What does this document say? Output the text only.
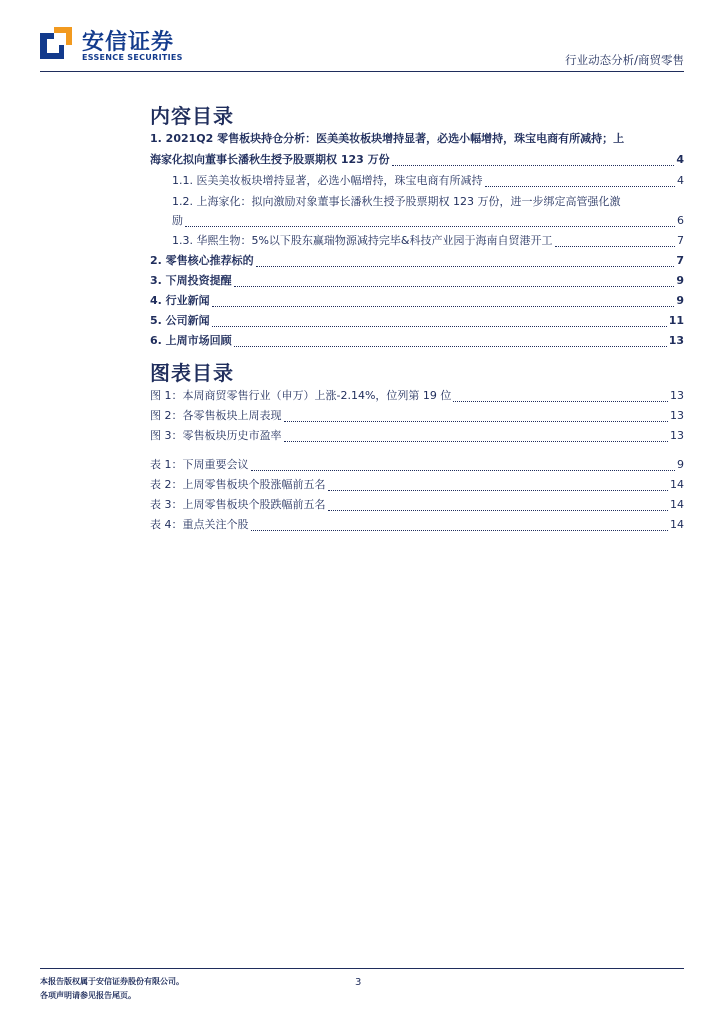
安信证券
ESSENCE SECURITIES	行业动态分析/商贸零售
内容目录
1. 2021Q2 零售板块持仓分析：医美美妆板块增持显著，必选小幅增持，珠宝电商有所减持；上
海家化拟向董事长潘秋生授予股票期权 123 万份	4
1.1. 医美美妆板块增持显著，必选小幅增持，珠宝电商有所减持	4
1.2. 上海家化：拟向激励对象董事长潘秋生授予股票期权 123 万份，进一步绑定高管强化激
励	6
1.3. 华熙生物：5%以下股东赢瑞物源减持完毕&科技产业园于海南自贸港开工	7
2. 零售核心推荐标的	7
3. 下周投资提醒	9
4. 行业新闻	9
5. 公司新闻	11
6. 上周市场回顾	13
图表目录
图 1：本周商贸零售行业（申万）上涨-2.14%，位列第 19 位	13
图 2：各零售板块上周表现	13
图 3：零售板块历史市盈率	13
表 1：下周重要会议	9
表 2：上周零售板块个股涨幅前五名	14
表 3：上周零售板块个股跌幅前五名	14
表 4：重点关注个股	14
本报告版权属于安信证券股份有限公司。
各项声明请参见报告尾页。
3
